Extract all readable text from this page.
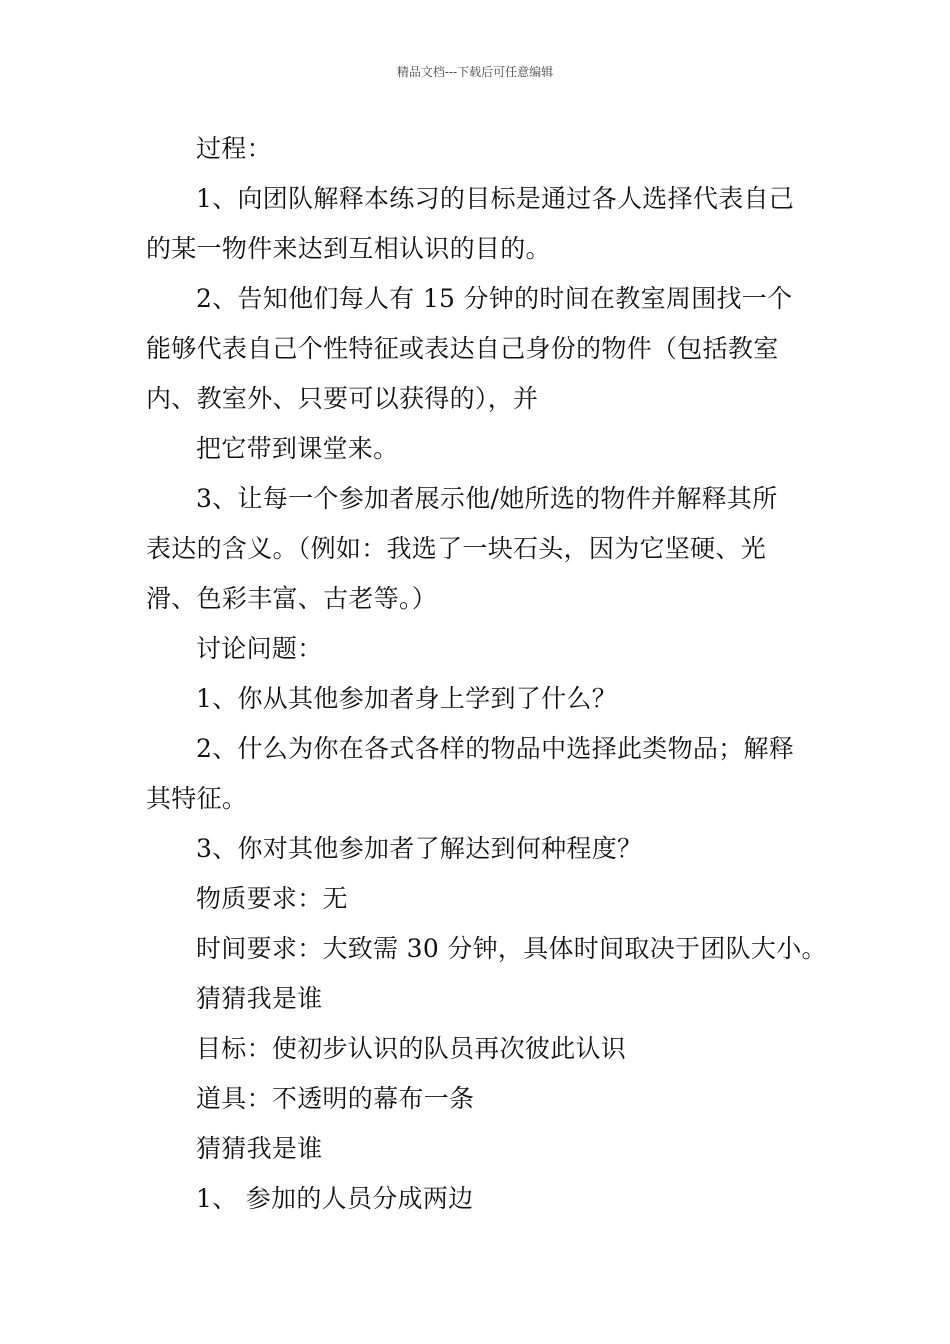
精品文档---下载后可任意编辑
过程：
1、向团队解释本练习的目标是通过各人选择代表自己
的某一物件来达到互相认识的目的。
2、告知他们每人有 15 分钟的时间在教室周围找一个
能够代表自己个性特征或表达自己身份的物件（包括教室
内、教室外、只要可以获得的），并
把它带到课堂来。
3、让每一个参加者展示他/她所选的物件并解释其所
表达的含义。（例如：我选了一块石头，因为它坚硬、光
滑、色彩丰富、古老等。）
讨论问题：
1、你从其他参加者身上学到了什么？
2、什么为你在各式各样的物品中选择此类物品；解释
其特征。
3、你对其他参加者了解达到何种程度？
物质要求：无
时间要求：大致需 30 分钟，具体时间取决于团队大小。
猜猜我是谁
目标：使初步认识的队员再次彼此认识
道具：不透明的幕布一条
猜猜我是谁
1、 参加的人员分成两边
